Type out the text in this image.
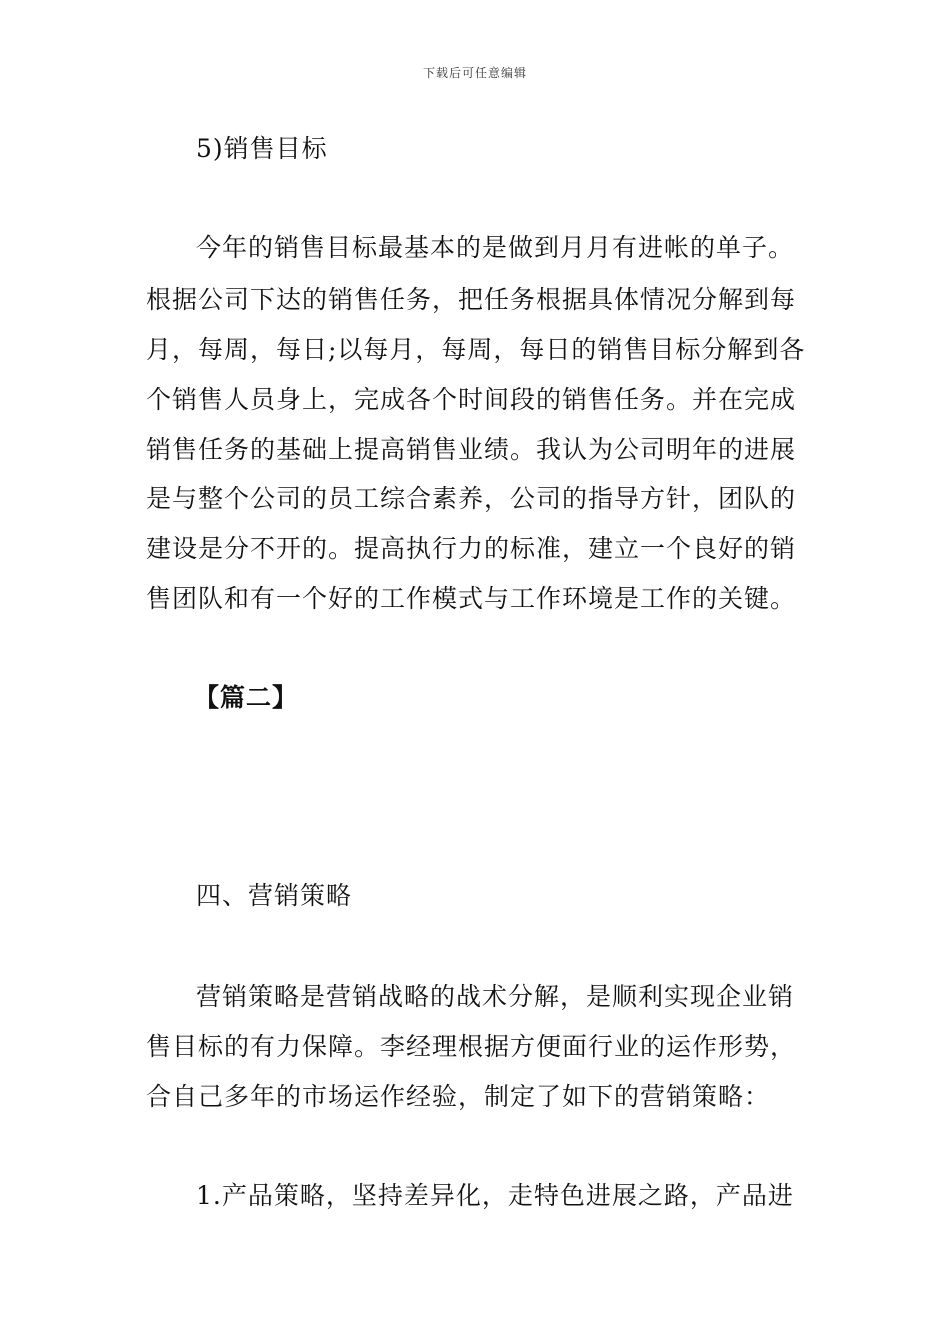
下载后可任意编辑
5)销售目标
今年的销售目标最基本的是做到月月有进帐的单子。
根据公司下达的销售任务，把任务根据具体情况分解到每
月，每周，每日;以每月，每周，每日的销售目标分解到各
个销售人员身上，完成各个时间段的销售任务。并在完成
销售任务的基础上提高销售业绩。我认为公司明年的进展
是与整个公司的员工综合素养，公司的指导方针，团队的
建设是分不开的。提高执行力的标准，建立一个良好的销
售团队和有一个好的工作模式与工作环境是工作的关键。
【篇二】
四、营销策略
营销策略是营销战略的战术分解，是顺利实现企业销
售目标的有力保障。李经理根据方便面行业的运作形势，
合自己多年的市场运作经验，制定了如下的营销策略：
1.产品策略，坚持差异化，走特色进展之路，产品进
